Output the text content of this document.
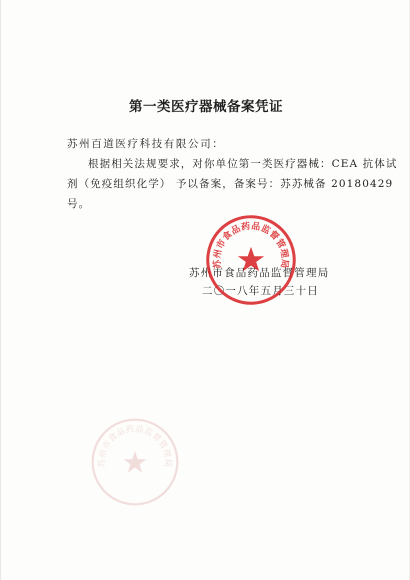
第一类医疗器械备案凭证
苏州百道医疗科技有限公司：
根据相关法规要求，对你单位第一类医疗器械：CEA 抗体试
剂（免疫组织化学） 予以备案，备案号：苏苏械备 20180429
号。
苏州市食品药品监督管理局
二〇一八年五月三十日
苏州市食品药品监督管理局
苏州市食品药品监督管理局
